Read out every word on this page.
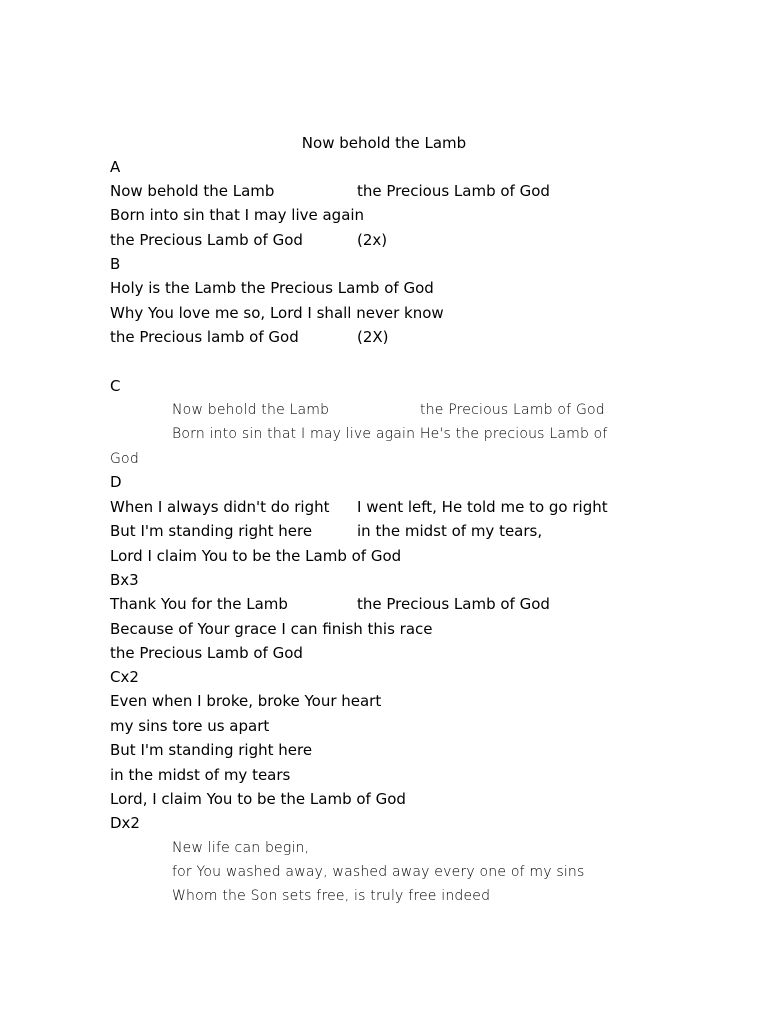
Now behold the Lamb
A
Now behold the Lamb	the Precious Lamb of God
Born into sin that I may live again
the Precious Lamb of God	(2x)
B
Holy is the Lamb the Precious Lamb of God
Why You love me so, Lord I shall never know
the Precious lamb of God	(2X)
C
Now behold the Lamb	the Precious Lamb of God
Born into sin that I may live again He's the precious Lamb of
God
D
When I always didn't do right I went left, He told me to go right
But I'm standing right here	in the midst of my tears,
Lord I claim You to be the Lamb of God
Bx3
Thank You for the Lamb	the Precious Lamb of God
Because of Your grace I can finish this race
the Precious Lamb of God
Cx2
Even when I broke, broke Your heart
my sins tore us apart
But I'm standing right here
in the midst of my tears
Lord, I claim You to be the Lamb of God
Dx2
New life can begin,
for You washed away, washed away every one of my sins
Whom the Son sets free, is truly free indeed
